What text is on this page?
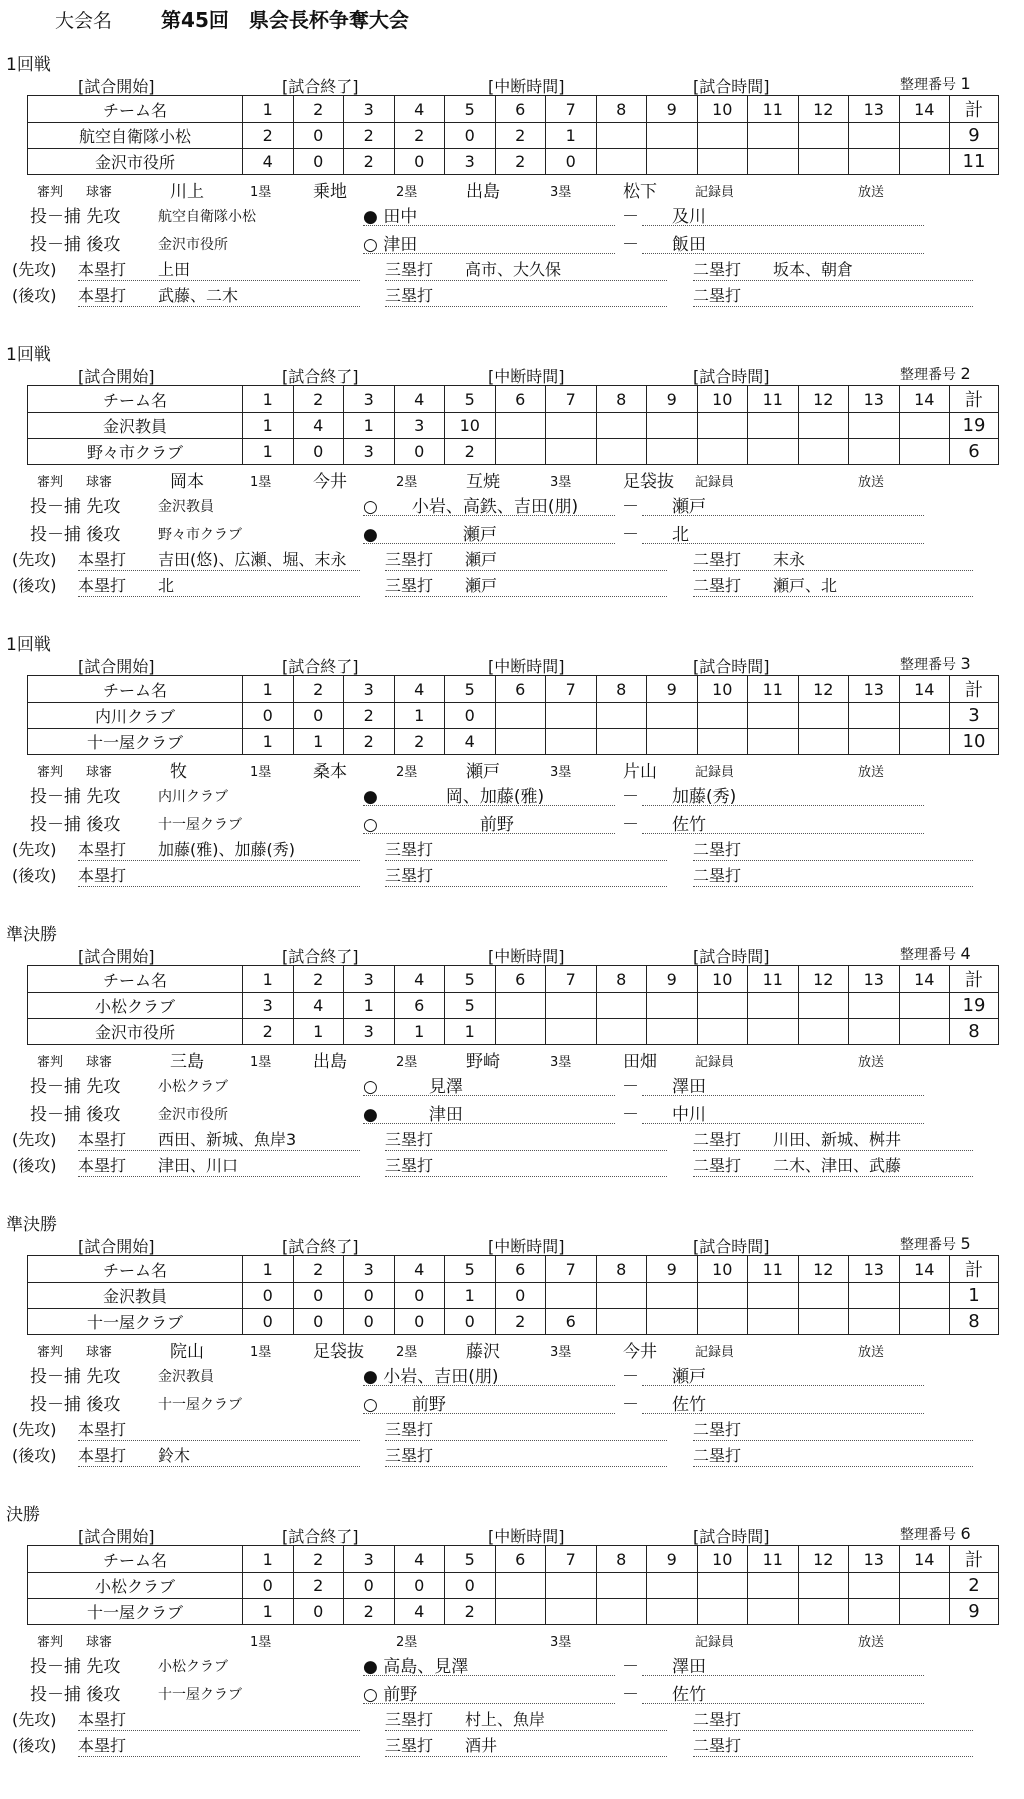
大会名 第45回　県会長杯争奪大会
1回戦
[試合開始]	[試合終了]	[中断時間]	[試合時間]	整理番号 1
チーム名	1	2	3	4	5	6	7	8	9	10	11	12	13	14	計
航空自衛隊小松	2	0	2	2	0	2	1								9
金沢市役所	4	0	2	0	3	2	0								11
審判 球審	川上	1塁 乗地	2塁	出島	3塁	松下	記録員	放送
投－捕 先攻	航空自衛隊小松	● 田中	－	及川
投－捕 後攻	金沢市役所	○ 津田	－	飯田
(先攻) 本塁打 上田	三塁打 高市、大久保	二塁打 坂本、朝倉
(後攻) 本塁打 武藤、二木	三塁打	二塁打
1回戦
[試合開始]	[試合終了]	[中断時間]	[試合時間]	整理番号 2
チーム名	1	2	3	4	5	6	7	8	9	10	11	12	13	14	計
金沢教員	1	4	1	3	10										19
野々市クラブ	1	0	3	0	2										6
審判 球審	岡本	1塁 今井	2塁	互焼	3塁	足袋抜 記録員	放送
投－捕 先攻	金沢教員	○　　小岩、高鉄、吉田(朋)	－	瀬戸
投－捕 後攻	野々市クラブ	●　　　　　瀬戸	－	北
(先攻) 本塁打 吉田(悠)、広瀬、堀、末永	三塁打 瀬戸	二塁打 末永
(後攻) 本塁打 北	三塁打 瀬戸	二塁打 瀬戸、北
1回戦
[試合開始]	[試合終了]	[中断時間]	[試合時間]	整理番号 3
チーム名	1	2	3	4	5	6	7	8	9	10	11	12	13	14	計
内川クラブ	0	0	2	1	0										3
十一屋クラブ	1	1	2	2	4										10
審判 球審	牧	1塁 桑本	2塁	瀬戸	3塁	片山	記録員	放送
投－捕 先攻	内川クラブ	●　　　　岡、加藤(雅)	－	加藤(秀)
投－捕 後攻	十一屋クラブ	○　　　　　　前野	－	佐竹
(先攻) 本塁打 加藤(雅)、加藤(秀)	三塁打	二塁打
(後攻) 本塁打	三塁打	二塁打
準決勝
[試合開始]	[試合終了]	[中断時間]	[試合時間]	整理番号 4
チーム名	1	2	3	4	5	6	7	8	9	10	11	12	13	14	計
小松クラブ	3	4	1	6	5										19
金沢市役所	2	1	3	1	1										8
審判 球審	三島	1塁 出島	2塁	野崎	3塁	田畑	記録員	放送
投－捕 先攻	小松クラブ	○　　　見澤	－	澤田
投－捕 後攻	金沢市役所	●　　　津田	－	中川
(先攻) 本塁打 西田、新城、魚岸3	三塁打	二塁打 川田、新城、桝井
(後攻) 本塁打 津田、川口	三塁打	二塁打 二木、津田、武藤
準決勝
[試合開始]	[試合終了]	[中断時間]	[試合時間]	整理番号 5
チーム名	1	2	3	4	5	6	7	8	9	10	11	12	13	14	計
金沢教員	0	0	0	0	1	0									1
十一屋クラブ	0	0	0	0	0	2	6								8
審判 球審	院山	1塁 足袋抜 2塁	藤沢	3塁	今井	記録員	放送
投－捕 先攻	金沢教員	● 小岩、吉田(朋)	－	瀬戸
投－捕 後攻	十一屋クラブ	○　　前野	－	佐竹
(先攻) 本塁打	三塁打	二塁打
(後攻) 本塁打 鈴木	三塁打	二塁打
決勝
[試合開始]	[試合終了]	[中断時間]	[試合時間]	整理番号 6
チーム名	1	2	3	4	5	6	7	8	9	10	11	12	13	14	計
小松クラブ	0	2	0	0	0										2
十一屋クラブ	1	0	2	4	2										9
審判 球審	1塁	2塁	3塁	記録員	放送
投－捕 先攻	小松クラブ	● 高島、見澤	－	澤田
投－捕 後攻	十一屋クラブ	○ 前野	－	佐竹
(先攻) 本塁打	三塁打 村上、魚岸	二塁打
(後攻) 本塁打	三塁打 酒井	二塁打
